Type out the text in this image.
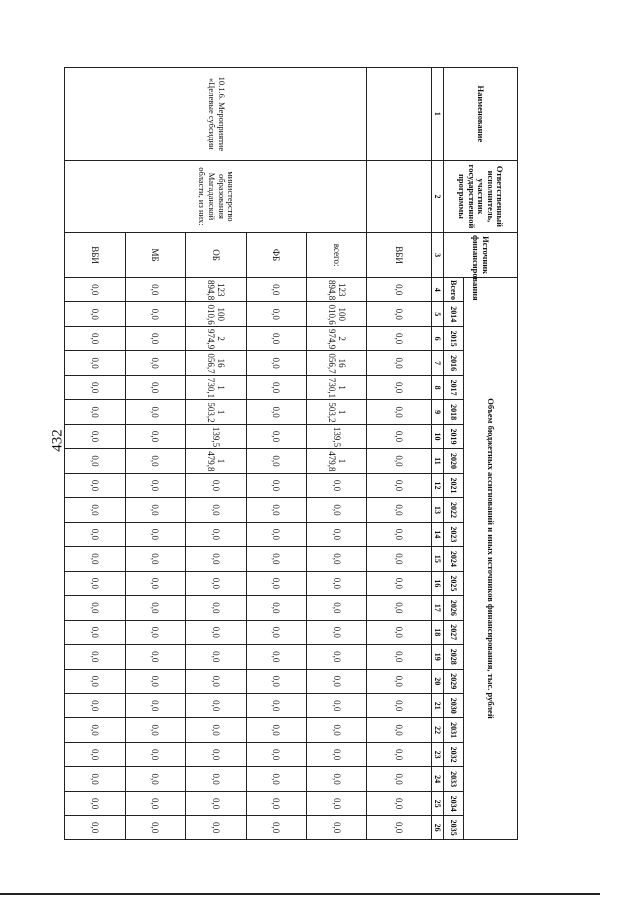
432
Наименование	Ответственный исполнитель, участник государственной программы	Источник финансирования	Объем бюджетных ассигнований и иных источников финансирования, тыс. рублей																						
			Всего	2014	2015	2016	2017	2018	2019	2020	2021	2022	2023	2024	2025	2026	2027	2028	2029	2030	2031	2032	2033	2034	2035
1	2	3	4	5	6	7	8	9	10	11	12	13	14	15	16	17	18	19	20	21	22	23	24	25	26
		ВБИ	0,0	0,0	0,0	0,0	0,0	0,0	0,0	0,0	0,0	0,0	0,0	0,0	0,0	0,0	0,0	0,0	0,0	0,0	0,0	0,0	0,0	0,0	0,0
10.1.6. Мероприятие «Целевые субсидии	министерство образования Магаданской области, из них:	всего:	123 894,8	100 010,6	2 974,9	16 056,7	1 730,1	1 503,2	139,5	1 479,8	0,0	0,0	0,0	0,0	0,0	0,0	0,0	0,0	0,0	0,0	0,0	0,0	0,0	0,0	0,0
		ФБ	0,0	0,0	0,0	0,0	0,0	0,0	0,0	0,0	0,0	0,0	0,0	0,0	0,0	0,0	0,0	0,0	0,0	0,0	0,0	0,0	0,0	0,0	0,0
		ОБ	123 894,8	100 010,6	2 974,9	16 056,7	1 730,1	1 503,2	139,5	1 479,8	0,0	0,0	0,0	0,0	0,0	0,0	0,0	0,0	0,0	0,0	0,0	0,0	0,0	0,0	0,0
		МБ	0,0	0,0	0,0	0,0	0,0	0,0	0,0	0,0	0,0	0,0	0,0	0,0	0,0	0,0	0,0	0,0	0,0	0,0	0,0	0,0	0,0	0,0	0,0
		ВБИ	0,0	0,0	0,0	0,0	0,0	0,0	0,0	0,0	0,0	0,0	0,0	0,0	0,0	0,0	0,0	0,0	0,0	0,0	0,0	0,0	0,0	0,0	0,0
